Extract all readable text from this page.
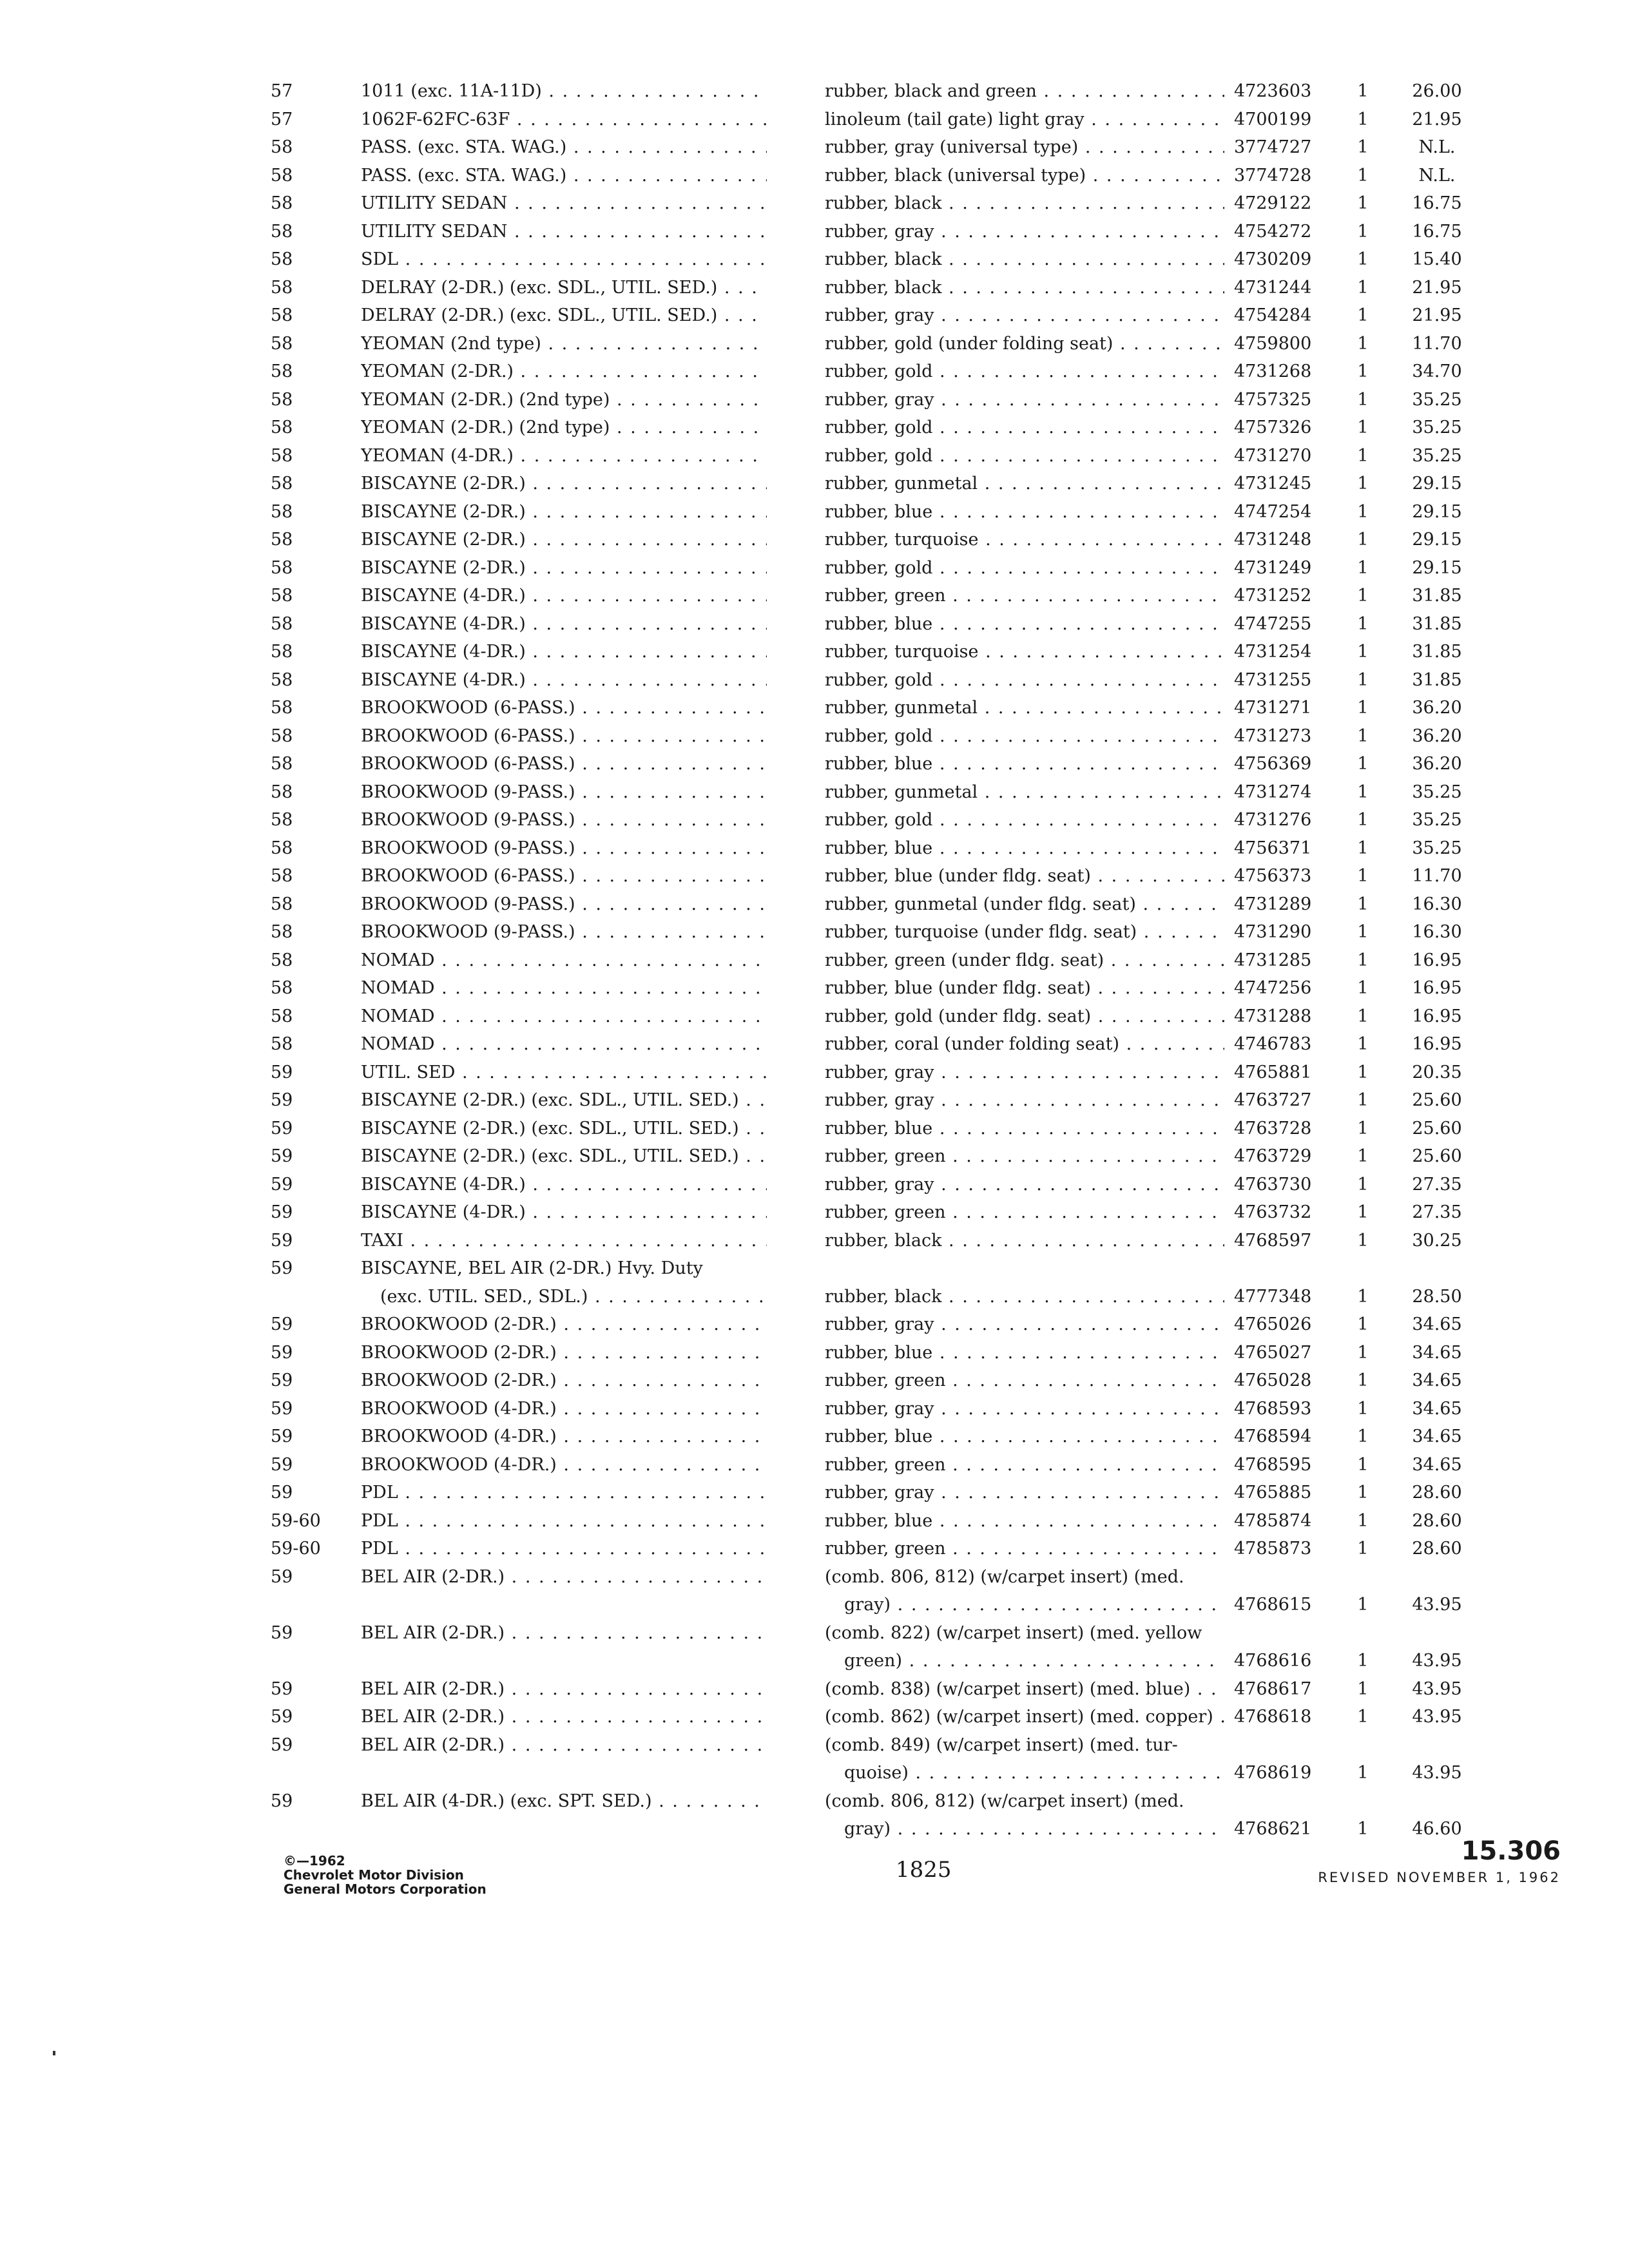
57	1011 (exc. 11A-11D) . . .	rubber, black and green . . .	4723603	1	26.00
57	1062F-62FC-63F . . .	linoleum (tail gate) light gray . . .	4700199	1	21.95
58	PASS. (exc. STA. WAG.) . . .	rubber, gray (universal type) . . .	3774727	1	N.L.
58	PASS. (exc. STA. WAG.) . . .	rubber, black (universal type) . . .	3774728	1	N.L.
58	UTILITY SEDAN . . .	rubber, black . . .	4729122	1	16.75
58	UTILITY SEDAN . . .	rubber, gray . . .	4754272	1	16.75
58	SDL . . .	rubber, black . . .	4730209	1	15.40
58	DELRAY (2-DR.) (exc. SDL., UTIL. SED.) . . .	rubber, black . . .	4731244	1	21.95
58	DELRAY (2-DR.) (exc. SDL., UTIL. SED.) . . .	rubber, gray . . .	4754284	1	21.95
58	YEOMAN (2nd type) . . .	rubber, gold (under folding seat) . . .	4759800	1	11.70
58	YEOMAN (2-DR.) . . .	rubber, gold . . .	4731268	1	34.70
58	YEOMAN (2-DR.) (2nd type) . . .	rubber, gray . . .	4757325	1	35.25
58	YEOMAN (2-DR.) (2nd type) . . .	rubber, gold . . .	4757326	1	35.25
58	YEOMAN (4-DR.) . . .	rubber, gold . . .	4731270	1	35.25
58	BISCAYNE (2-DR.) . . .	rubber, gunmetal . . .	4731245	1	29.15
58	BISCAYNE (2-DR.) . . .	rubber, blue . . .	4747254	1	29.15
58	BISCAYNE (2-DR.) . . .	rubber, turquoise . . .	4731248	1	29.15
58	BISCAYNE (2-DR.) . . .	rubber, gold . . .	4731249	1	29.15
58	BISCAYNE (4-DR.) . . .	rubber, green . . .	4731252	1	31.85
58	BISCAYNE (4-DR.) . . .	rubber, blue . . .	4747255	1	31.85
58	BISCAYNE (4-DR.) . . .	rubber, turquoise . . .	4731254	1	31.85
58	BISCAYNE (4-DR.) . . .	rubber, gold . . .	4731255	1	31.85
58	BROOKWOOD (6-PASS.) . . .	rubber, gunmetal . . .	4731271	1	36.20
58	BROOKWOOD (6-PASS.) . . .	rubber, gold . . .	4731273	1	36.20
58	BROOKWOOD (6-PASS.) . . .	rubber, blue . . .	4756369	1	36.20
58	BROOKWOOD (9-PASS.) . . .	rubber, gunmetal . . .	4731274	1	35.25
58	BROOKWOOD (9-PASS.) . . .	rubber, gold . . .	4731276	1	35.25
58	BROOKWOOD (9-PASS.) . . .	rubber, blue . . .	4756371	1	35.25
58	BROOKWOOD (6-PASS.) . . .	rubber, blue (under fldg. seat) . . .	4756373	1	11.70
58	BROOKWOOD (9-PASS.) . . .	rubber, gunmetal (under fldg. seat) . . .	4731289	1	16.30
58	BROOKWOOD (9-PASS.) . . .	rubber, turquoise (under fldg. seat) . . .	4731290	1	16.30
58	NOMAD . . .	rubber, green (under fldg. seat) . . .	4731285	1	16.95
58	NOMAD . . .	rubber, blue (under fldg. seat) . . .	4747256	1	16.95
58	NOMAD . . .	rubber, gold (under fldg. seat) . . .	4731288	1	16.95
58	NOMAD . . .	rubber, coral (under folding seat) . . .	4746783	1	16.95
59	UTIL. SED . . .	rubber, gray . . .	4765881	1	20.35
59	BISCAYNE (2-DR.) (exc. SDL., UTIL. SED.) . . .	rubber, gray . . .	4763727	1	25.60
59	BISCAYNE (2-DR.) (exc. SDL., UTIL. SED.) . . .	rubber, blue . . .	4763728	1	25.60
59	BISCAYNE (2-DR.) (exc. SDL., UTIL. SED.) . . .	rubber, green . . .	4763729	1	25.60
59	BISCAYNE (4-DR.) . . .	rubber, gray . . .	4763730	1	27.35
59	BISCAYNE (4-DR.) . . .	rubber, green . . .	4763732	1	27.35
59	TAXI . . .	rubber, black . . .	4768597	1	30.25
59	BISCAYNE, BEL AIR (2-DR.) Hvy. Duty
(exc. UTIL. SED., SDL.) . . .
	rubber, black . . .	4777348	1	28.50
59	BROOKWOOD (2-DR.) . . .	rubber, gray . . .	4765026	1	34.65
59	BROOKWOOD (2-DR.) . . .	rubber, blue . . .	4765027	1	34.65
59	BROOKWOOD (2-DR.) . . .	rubber, green . . .	4765028	1	34.65
59	BROOKWOOD (4-DR.) . . .	rubber, gray . . .	4768593	1	34.65
59	BROOKWOOD (4-DR.) . . .	rubber, blue . . .	4768594	1	34.65
59	BROOKWOOD (4-DR.) . . .	rubber, green . . .	4768595	1	34.65
59	PDL . . .	rubber, gray . . .	4765885	1	28.60
59-60	PDL . . .	rubber, blue . . .	4785874	1	28.60
59-60	PDL . . .	rubber, green . . .	4785873	1	28.60
59	BEL AIR (2-DR.) . . .	(comb. 806, 812) (w/carpet insert) (med.
gray) . . .	4768615	1	43.95
59	BEL AIR (2-DR.) . . .	(comb. 822) (w/carpet insert) (med. yellow
green) . . .	4768616	1	43.95
59	BEL AIR (2-DR.) . . .	(comb. 838) (w/carpet insert) (med. blue) . . .	4768617	1	43.95
59	BEL AIR (2-DR.) . . .	(comb. 862) (w/carpet insert) (med. copper) . . .	4768618	1	43.95
59	BEL AIR (2-DR.) . . .	(comb. 849) (w/carpet insert) (med. tur-
quoise) . . .	4768619	1	43.95
59	BEL AIR (4-DR.) (exc. SPT. SED.) . . .	(comb. 806, 812) (w/carpet insert) (med.
gray) . . .	4768621	1	46.60
©—1962
Chevrolet Motor Division
General Motors Corporation
1825
15.306
REVISED NOVEMBER 1, 1962
